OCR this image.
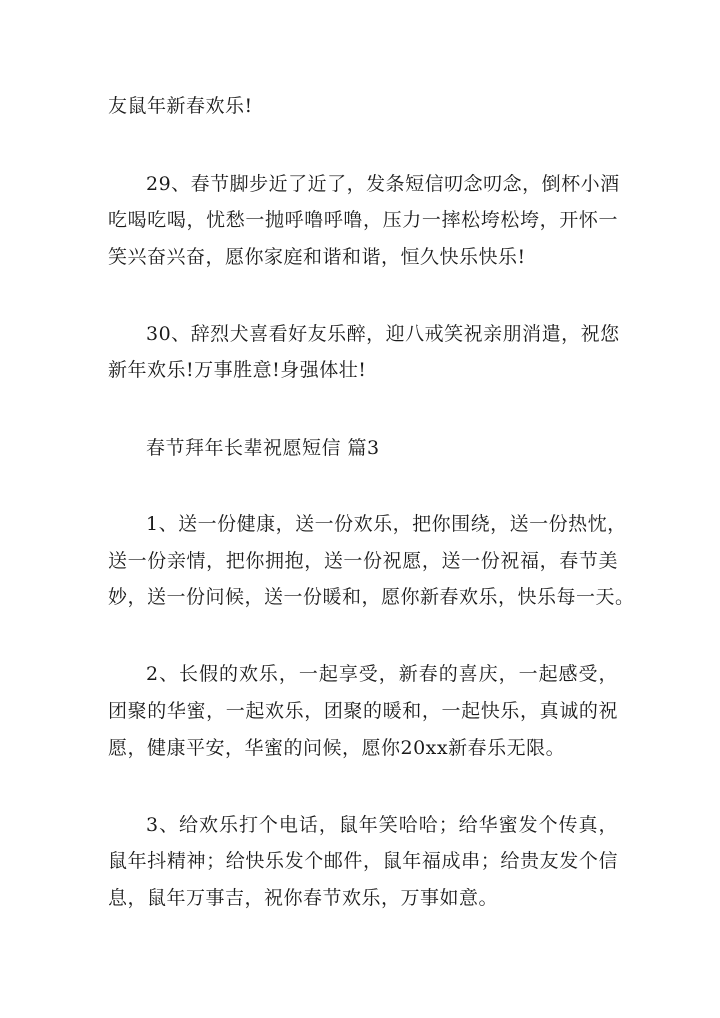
友鼠年新春欢乐!
29、春节脚步近了近了，发条短信叨念叨念，倒杯小酒
吃喝吃喝，忧愁一抛呼噜呼噜，压力一摔松垮松垮，开怀一
笑兴奋兴奋，愿你家庭和谐和谐，恒久快乐快乐!
30、辞烈犬喜看好友乐醉，迎八戒笑祝亲朋消遣，祝您
新年欢乐!万事胜意!身强体壮!
春节拜年长辈祝愿短信 篇3
1、送一份健康，送一份欢乐，把你围绕，送一份热忱，
送一份亲情，把你拥抱，送一份祝愿，送一份祝福，春节美
妙，送一份问候，送一份暖和，愿你新春欢乐，快乐每一天。
2、长假的欢乐，一起享受，新春的喜庆，一起感受，
团聚的华蜜，一起欢乐，团聚的暖和，一起快乐，真诚的祝
愿，健康平安，华蜜的问候，愿你20xx新春乐无限。
3、给欢乐打个电话，鼠年笑哈哈；给华蜜发个传真，
鼠年抖精神；给快乐发个邮件，鼠年福成串；给贵友发个信
息，鼠年万事吉，祝你春节欢乐，万事如意。
